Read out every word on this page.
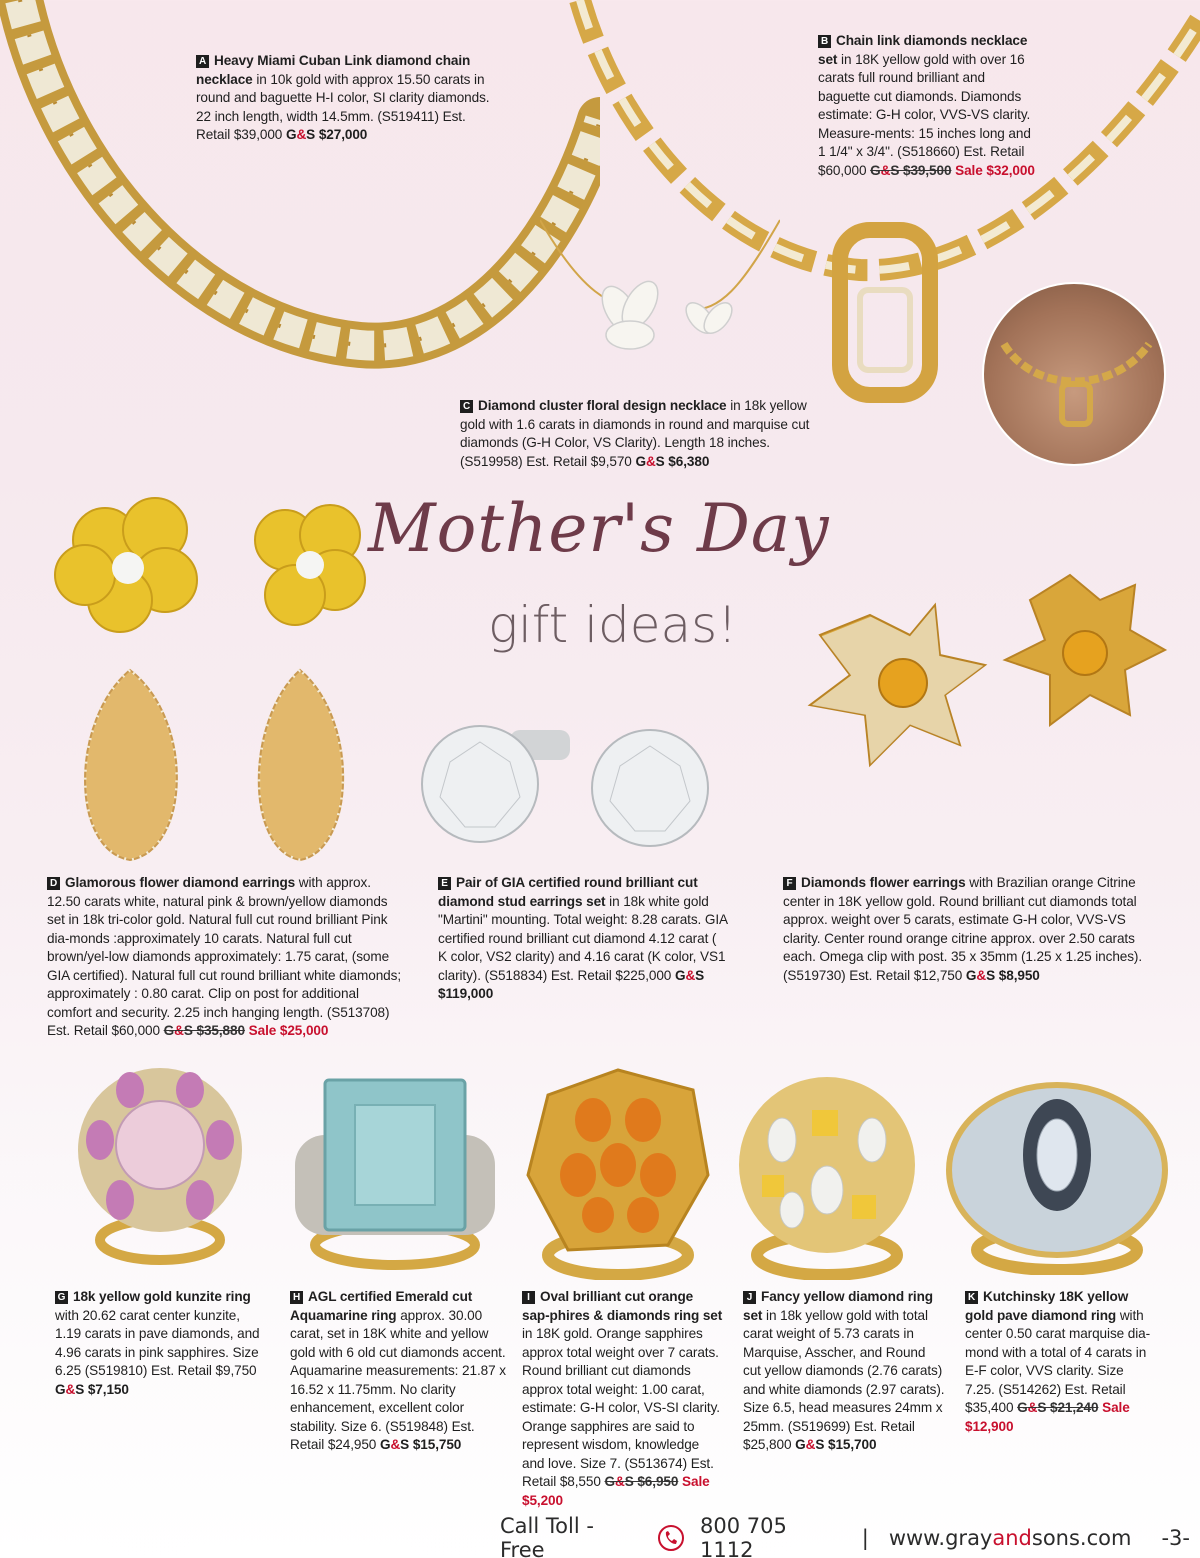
Mother's Day
gift ideas!
A Heavy Miami Cuban Link diamond chain necklace in 10k gold with approx 15.50 carats in round and baguette H-I color, SI clarity diamonds. 22 inch length, width 14.5mm. (S519411) Est. Retail $39,000 G&S $27,000
B Chain link diamonds necklace set in 18K yellow gold with over 16 carats full round brilliant and baguette cut diamonds. Diamonds estimate: G-H color, VVS-VS clarity. Measure-ments: 15 inches long and 1 1/4" x 3/4". (S518660) Est. Retail $60,000 G&S $39,500 Sale $32,000
C Diamond cluster floral design necklace in 18k yellow gold with 1.6 carats in diamonds in round and marquise cut diamonds (G-H Color, VS Clarity). Length 18 inches. (S519958) Est. Retail $9,570 G&S $6,380
D Glamorous flower diamond earrings with approx. 12.50 carats white, natural pink & brown/yellow diamonds set in 18k tri-color gold. Natural full cut round brilliant Pink dia-monds :approximately 10 carats. Natural full cut brown/yel-low diamonds approximately: 1.75 carat, (some GIA certified). Natural full cut round brilliant white diamonds; approximately : 0.80 carat. Clip on post for additional comfort and security. 2.25 inch hanging length. (S513708) Est. Retail $60,000 G&S $35,880 Sale $25,000
E Pair of GIA certified round brilliant cut diamond stud earrings set in 18k white gold "Martini" mounting. Total weight: 8.28 carats. GIA certified round brilliant cut diamond 4.12 carat ( K color, VS2 clarity) and 4.16 carat (K color, VS1 clarity). (S518834) Est. Retail $225,000 G&S $119,000
F Diamonds flower earrings with Brazilian orange Citrine center in 18K yellow gold. Round brilliant cut diamonds total approx. weight over 5 carats, estimate G-H color, VVS-VS clarity. Center round orange citrine approx. over 2.50 carats each. Omega clip with post. 35 x 35mm (1.25 x 1.25 inches). (S519730) Est. Retail $12,750 G&S $8,950
G 18k yellow gold kunzite ring with 20.62 carat center kunzite, 1.19 carats in pave diamonds, and 4.96 carats in pink sapphires. Size 6.25 (S519810) Est. Retail $9,750 G&S $7,150
H AGL certified Emerald cut Aquamarine ring approx. 30.00 carat, set in 18K white and yellow gold with 6 old cut diamonds accent. Aquamarine measurements: 21.87 x 16.52 x 11.75mm. No clarity enhancement, excellent color stability. Size 6. (S519848) Est. Retail $24,950 G&S $15,750
I Oval brilliant cut orange sap-phires & diamonds ring set in 18K gold. Orange sapphires approx total weight over 7 carats. Round brilliant cut diamonds approx total weight: 1.00 carat, estimate: G-H color, VS-SI clarity. Orange sapphires are said to represent wisdom, knowledge and love. Size 7. (S513674) Est. Retail $8,550 G&S $6,950 Sale $5,200
J Fancy yellow diamond ring set in 18k yellow gold with total carat weight of 5.73 carats in Marquise, Asscher, and Round cut yellow diamonds (2.76 carats) and white diamonds (2.97 carats). Size 6.5, head measures 24mm x 25mm. (S519699) Est. Retail $25,800 G&S $15,700
K Kutchinsky 18K yellow gold pave diamond ring with center 0.50 carat marquise dia-mond with a total of 4 carats in E-F color, VVS clarity. Size 7.25. (S514262) Est. Retail $35,400 G&S $21,240 Sale $12,900
Call Toll - Free
800 705 1112	| www.grayandsons.com -3-
